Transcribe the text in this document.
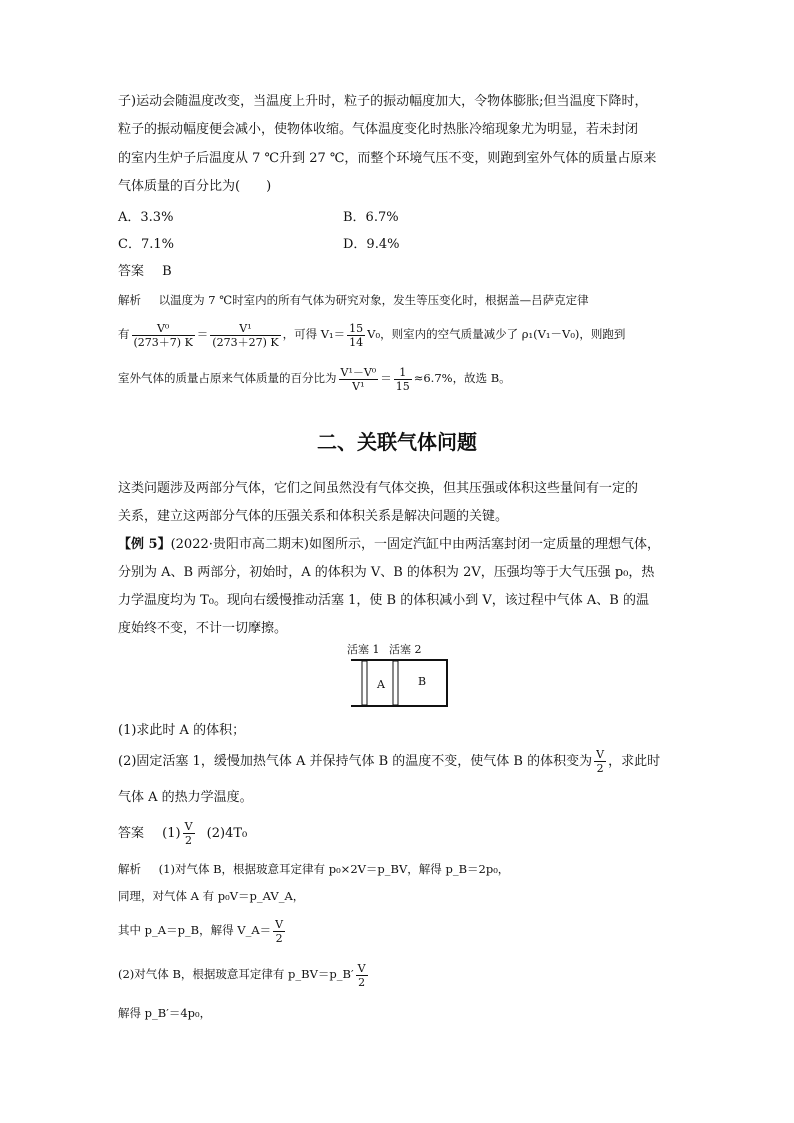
子)运动会随温度改变，当温度上升时，粒子的振动幅度加大，令物体膨胀;但当温度下降时，
粒子的振动幅度便会减小，使物体收缩。气体温度变化时热胀冷缩现象尤为明显，若未封闭
的室内生炉子后温度从 7 ℃升到 27 ℃，而整个环境气压不变，则跑到室外气体的质量占原来
气体质量的百分比为(　　)
A．3.3%	B．6.7%
C．7.1%	D．9.4%
答案 B
解析 以温度为 7 ℃时室内的所有气体为研究对象，发生等压变化时，根据盖—吕萨克定律
有 $\frac{\text{V⁰}}{(273+7) K} = \frac{\text{V¹}}{(273+27) K}$ ，可得 $V_1= \frac{15}{14} V_0$，则室内的空气质量减少了 ρ₁(V₁－V₀)，则跑到
室外气体的质量占原来气体质量的百分比为 $\frac{\text{V¹－V⁰}}{\text{V¹}} = \frac{1}{15} \approx 6.7\%$，故选 B。
二、关联气体问题
这类问题涉及两部分气体，它们之间虽然没有气体交换，但其压强或体积这些量间有一定的
关系，建立这两部分气体的压强关系和体积关系是解决问题的关键。
【例 5】(2022·贵阳市高二期末)如图所示，一固定汽缸中由两活塞封闭一定质量的理想气体，
分别为 A、B 两部分，初始时，A 的体积为 V、B 的体积为 2V，压强均等于大气压强 p₀，热
力学温度均为 T₀。现向右缓慢推动活塞 1，使 B 的体积减小到 V，该过程中气体 A、B 的温
度始终不变，不计一切摩擦。
活塞 1 活塞 2
A	B
(1)求此时 A 的体积；
(2)固定活塞 1，缓慢加热气体 A 并保持气体 B 的温度不变，使气体 B 的体积变为 $\frac{V}{2}$ ，求此时
气体 A 的热力学温度。
答案 $(1) \frac{V}{2} (2)4T_0$
解析 (1)对气体 B，根据玻意耳定律有 p₀×2V＝p_BV，解得 p_B＝2p₀，
同理，对气体 A 有 p₀V＝p_AV_A，
其中 p_A＝p_B，解得 V_A＝ $\frac{V}{2}$
(2)对气体 B，根据玻意耳定律有 p_BV＝p_B′ $\frac{V}{2}$
解得 p_B′＝4p₀，
